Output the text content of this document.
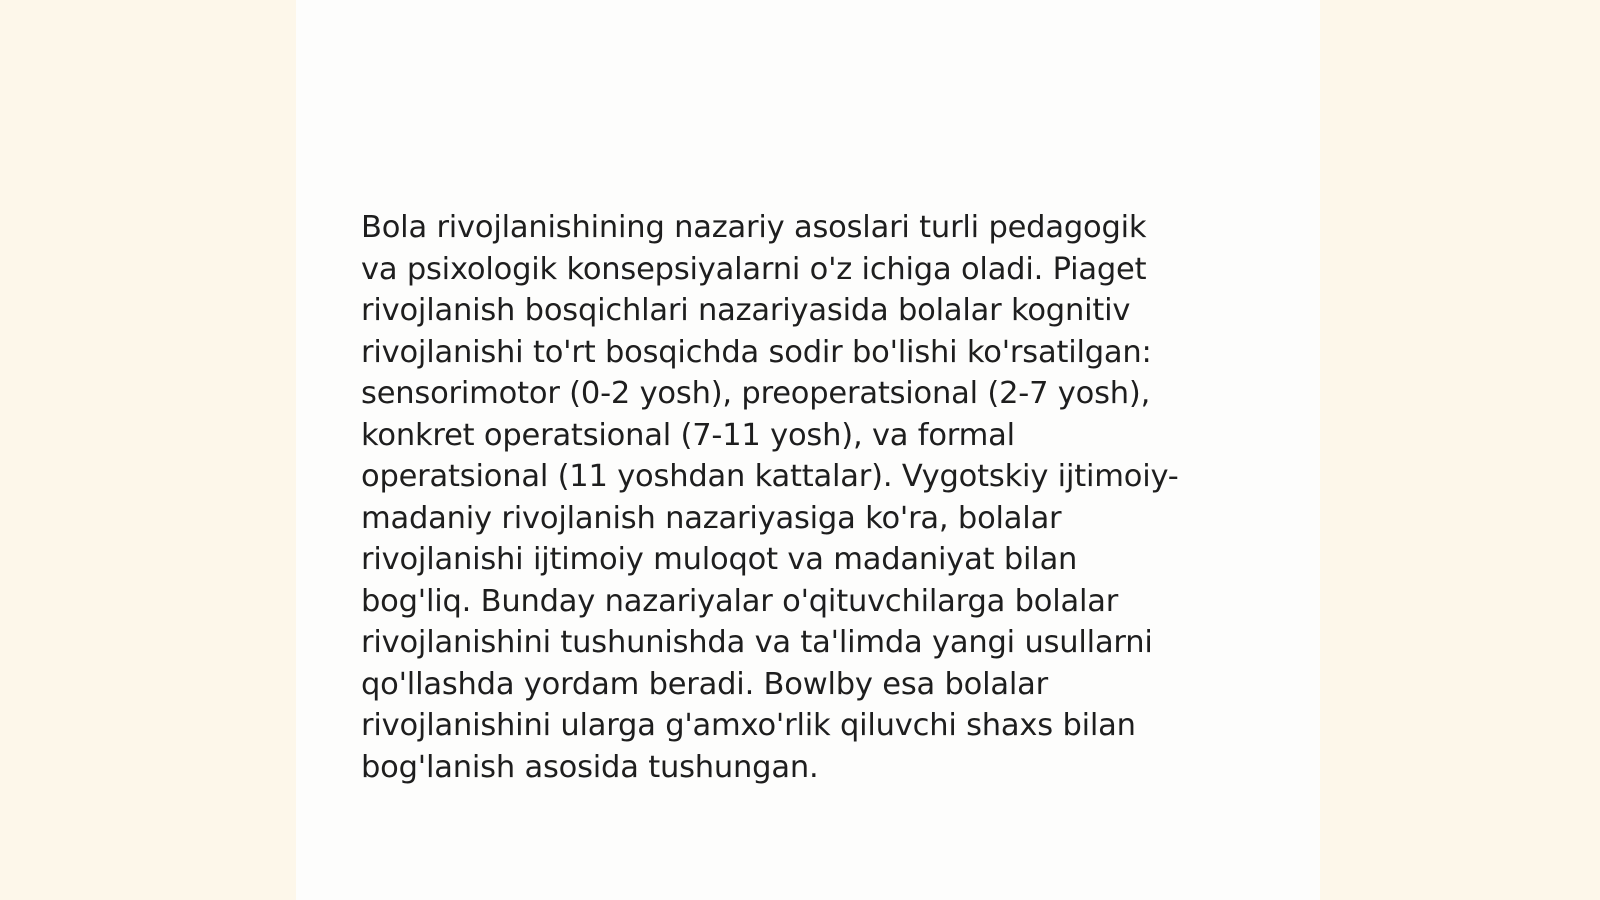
Bola rivojlanishining nazariy asoslari turli pedagogik
va psixologik konsepsiyalarni o'z ichiga oladi. Piaget
rivojlanish bosqichlari nazariyasida bolalar kognitiv
rivojlanishi to'rt bosqichda sodir bo'lishi ko'rsatilgan:
sensorimotor (0-2 yosh), preoperatsional (2-7 yosh),
konkret operatsional (7-11 yosh), va formal
operatsional (11 yoshdan kattalar). Vygotskiy ijtimoiy-
madaniy rivojlanish nazariyasiga ko'ra, bolalar
rivojlanishi ijtimoiy muloqot va madaniyat bilan
bog'liq. Bunday nazariyalar o'qituvchilarga bolalar
rivojlanishini tushunishda va ta'limda yangi usullarni
qo'llashda yordam beradi. Bowlby esa bolalar
rivojlanishini ularga g'amxo'rlik qiluvchi shaxs bilan
bog'lanish asosida tushungan.
